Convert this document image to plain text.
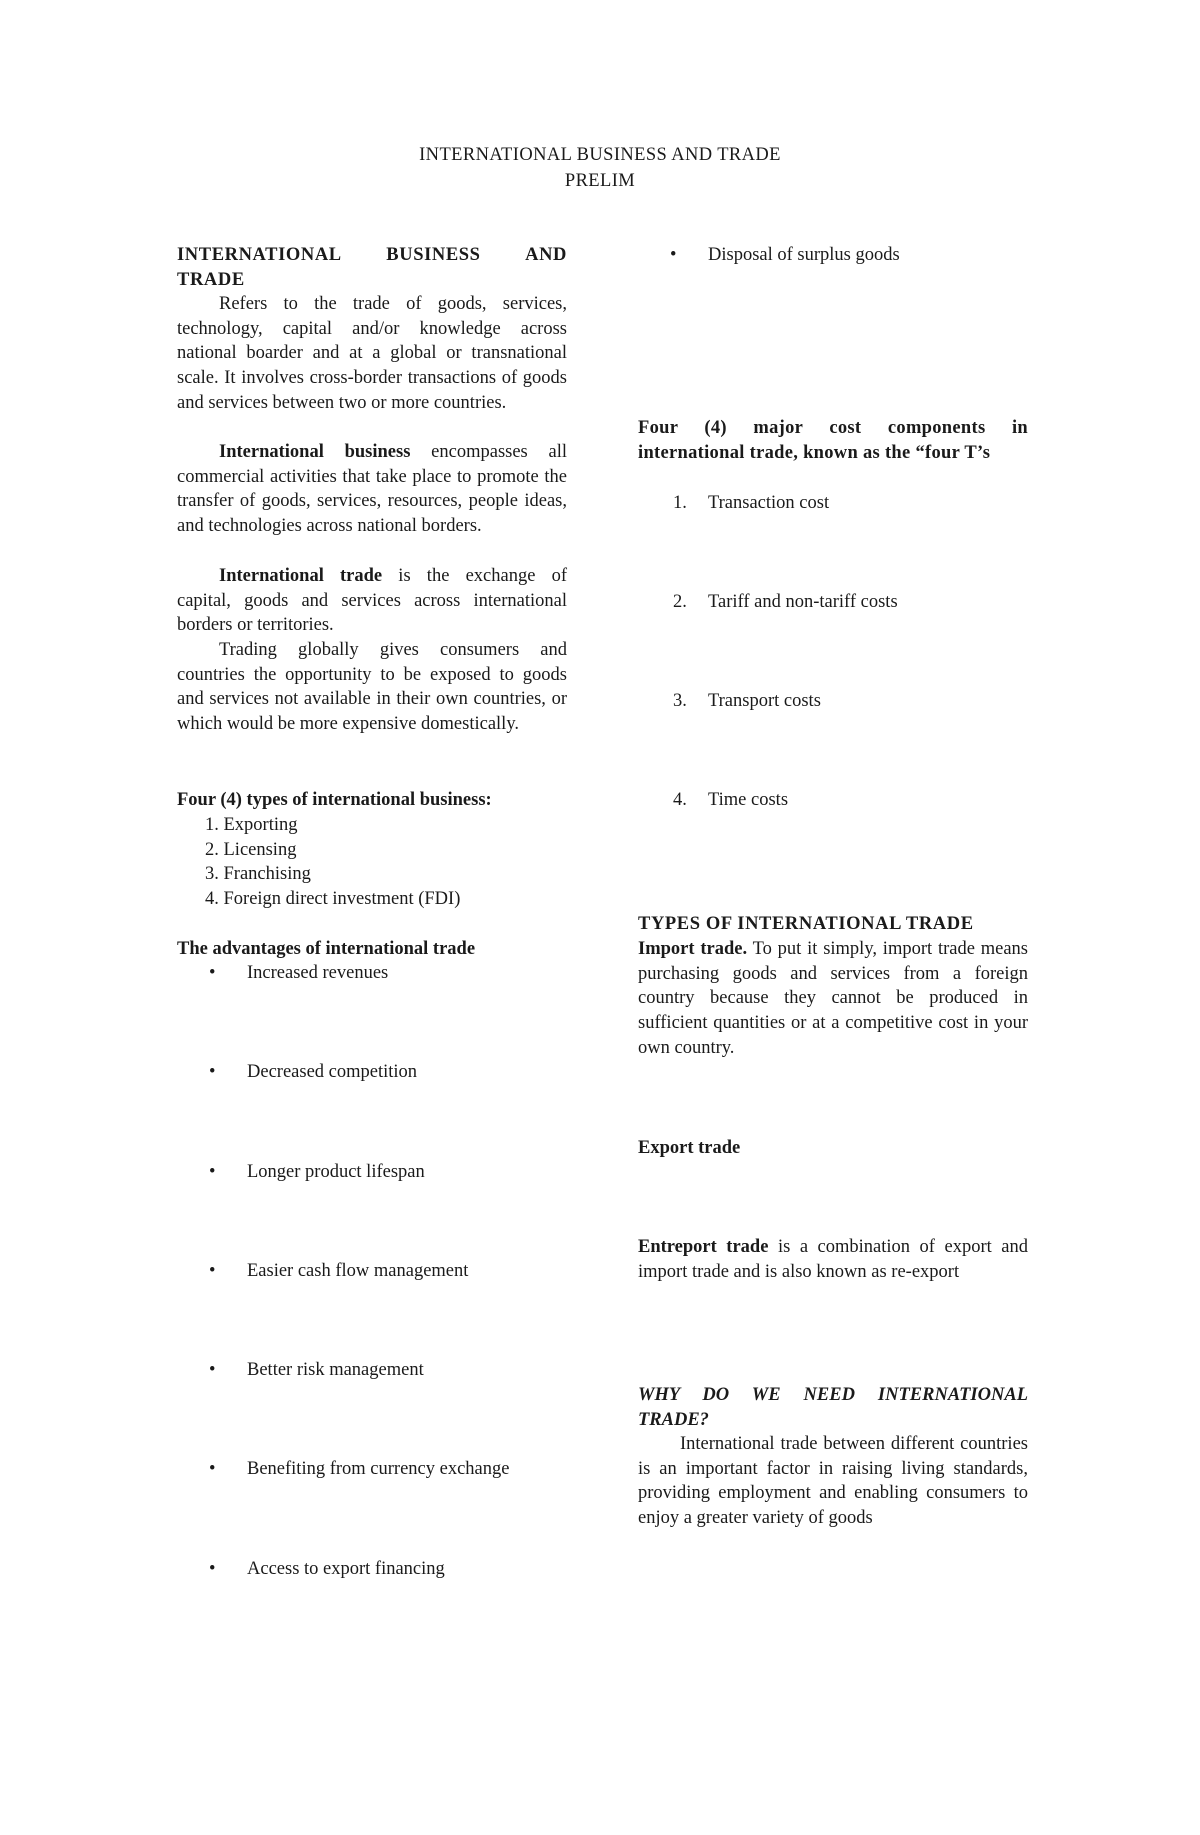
INTERNATIONAL BUSINESS AND TRADE
PRELIM
INTERNATIONAL BUSINESS AND
TRADE
Refers to the trade of goods, services, technology, capital and/or knowledge across national boarder and at a global or transnational scale. It involves cross-border transactions of goods and services between two or more countries.
International business encompasses all commercial activities that take place to promote the transfer of goods, services, resources, people ideas, and technologies across national borders.
International trade is the exchange of capital, goods and services across international borders or territories.
Trading globally gives consumers and countries the opportunity to be exposed to goods and services not available in their own countries, or which would be more expensive domestically.
Four (4) types of international business:
1. Exporting
2. Licensing
3. Franchising
4. Foreign direct investment (FDI)
The advantages of international trade
• Increased revenues
• Decreased competition
• Longer product lifespan
• Easier cash flow management
• Better risk management
• Benefiting from currency exchange
• Access to export financing
• Disposal of surplus goods
Four (4) major cost components in international trade, known as the “four T’s
1. Transaction cost
2. Tariff and non-tariff costs
3. Transport costs
4. Time costs
TYPES OF INTERNATIONAL TRADE
Import trade. To put it simply, import trade means purchasing goods and services from a foreign country because they cannot be produced in sufficient quantities or at a competitive cost in your own country.
Export trade
Entreport trade is a combination of export and import trade and is also known as re-export
WHY DO WE NEED INTERNATIONAL TRADE?
International trade between different countries is an important factor in raising living standards, providing employment and enabling consumers to enjoy a greater variety of goods
